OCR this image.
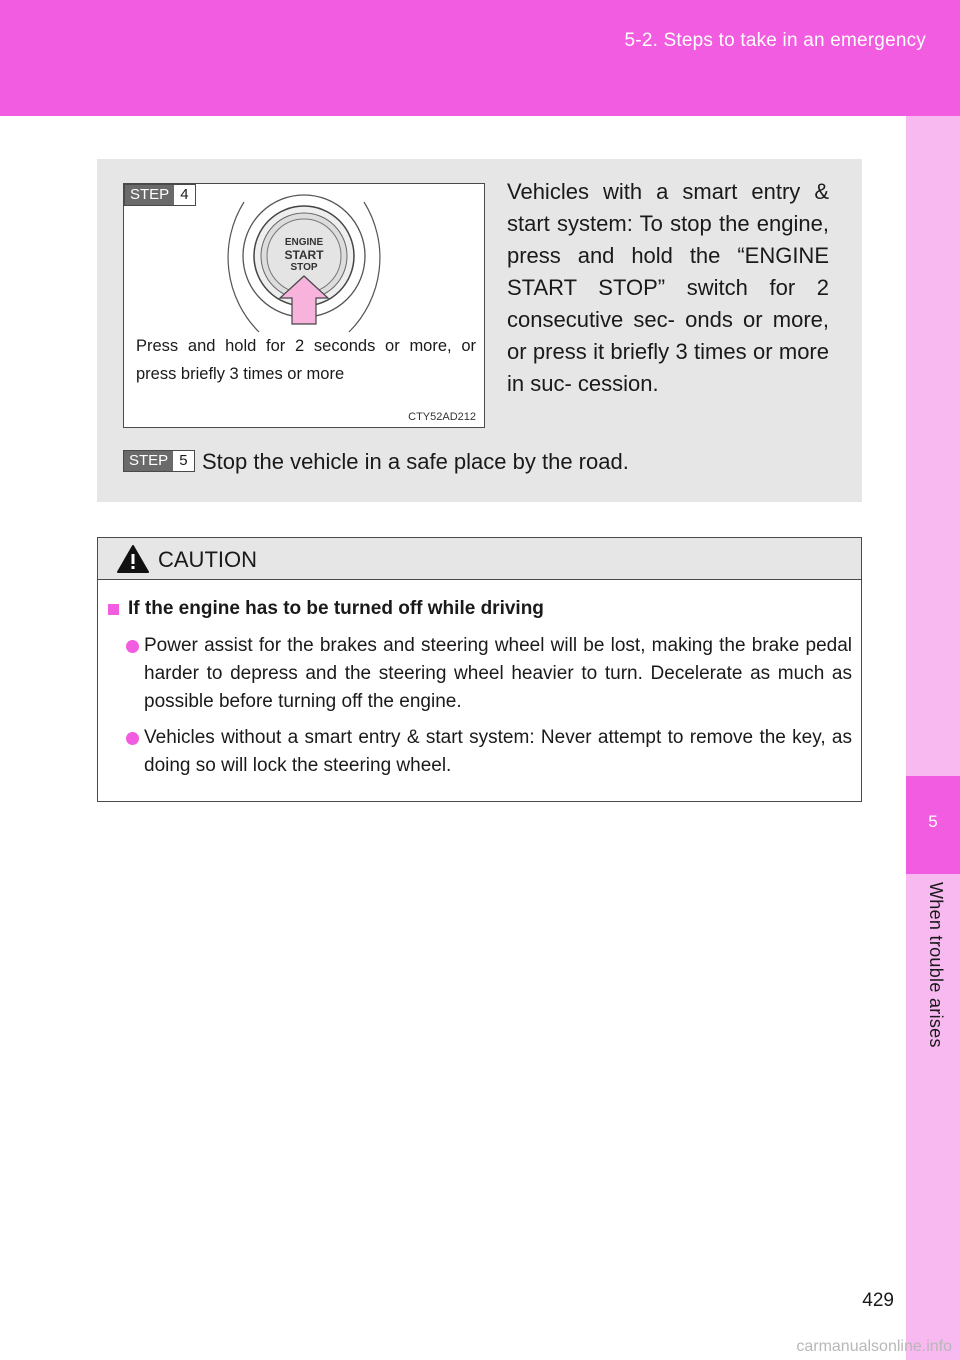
5-2. Steps to take in an emergency
5
When trouble arises
STEP 4
ENGINE
START
STOP
Press and hold for 2 seconds or more, or press briefly 3 times or more
CTY52AD212
Vehicles with a smart entry & start system: To stop the engine, press and hold the “ENGINE START STOP” switch for 2 consecutive sec- onds or more, or press it briefly 3 times or more in suc- cession.
STEP 5 Stop the vehicle in a safe place by the road.
CAUTION
If the engine has to be turned off while driving
Power assist for the brakes and steering wheel will be lost, making the brake pedal harder to depress and the steering wheel heavier to turn. Decelerate as much as possible before turning off the engine.
Vehicles without a smart entry & start system: Never attempt to remove the key, as doing so will lock the steering wheel.
429
carmanualsonline.info
